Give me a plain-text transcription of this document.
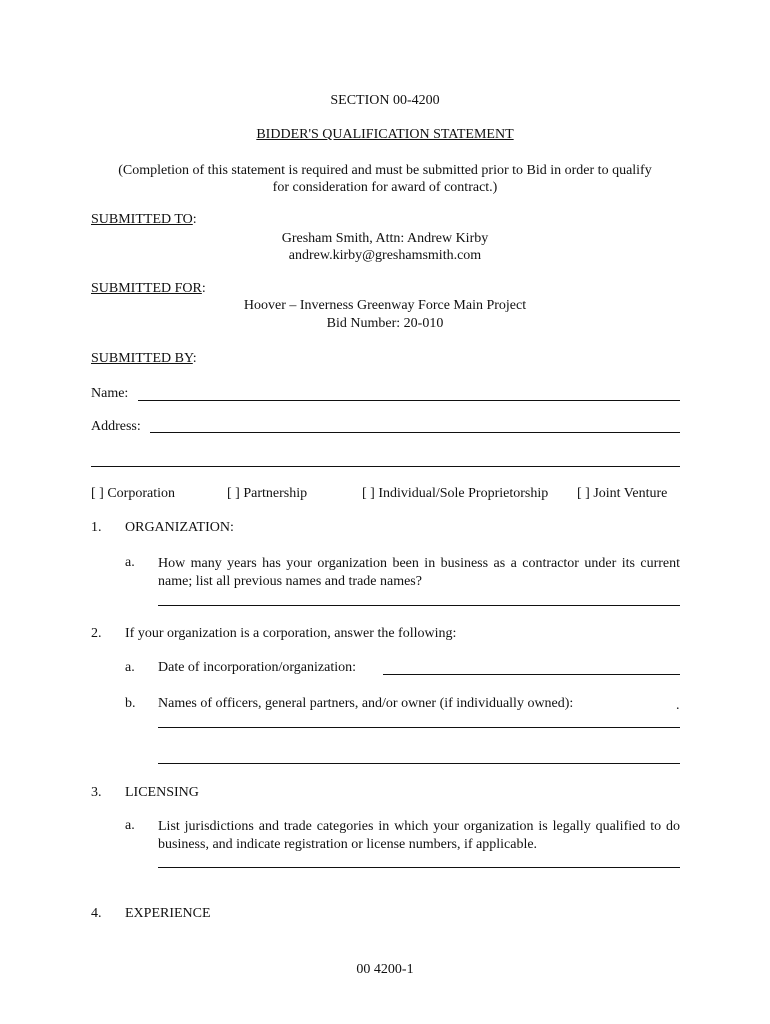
SECTION 00-4200
BIDDER'S QUALIFICATION STATEMENT
(Completion of this statement is required and must be submitted prior to Bid in order to qualify
for consideration for award of contract.)
SUBMITTED TO:
Gresham Smith, Attn: Andrew Kirby
andrew.kirby@greshamsmith.com
SUBMITTED FOR:
Hoover – Inverness Greenway Force Main Project
Bid Number: 20-010
SUBMITTED BY:
Name:
Address:
[ ] Corporation	[ ] Partnership	[ ] Individual/Sole Proprietorship [ ] Joint Venture
1. ORGANIZATION:
a. How many years has your organization been in business as a contractor under its current name; list all previous names and trade names?
2. If your organization is a corporation, answer the following:
a. Date of incorporation/organization:
b. Names of officers, general partners, and/or owner (if individually owned):	.
3. LICENSING
a. List jurisdictions and trade categories in which your organization is legally qualified to do business, and indicate registration or license numbers, if applicable.
4. EXPERIENCE
00 4200-1
